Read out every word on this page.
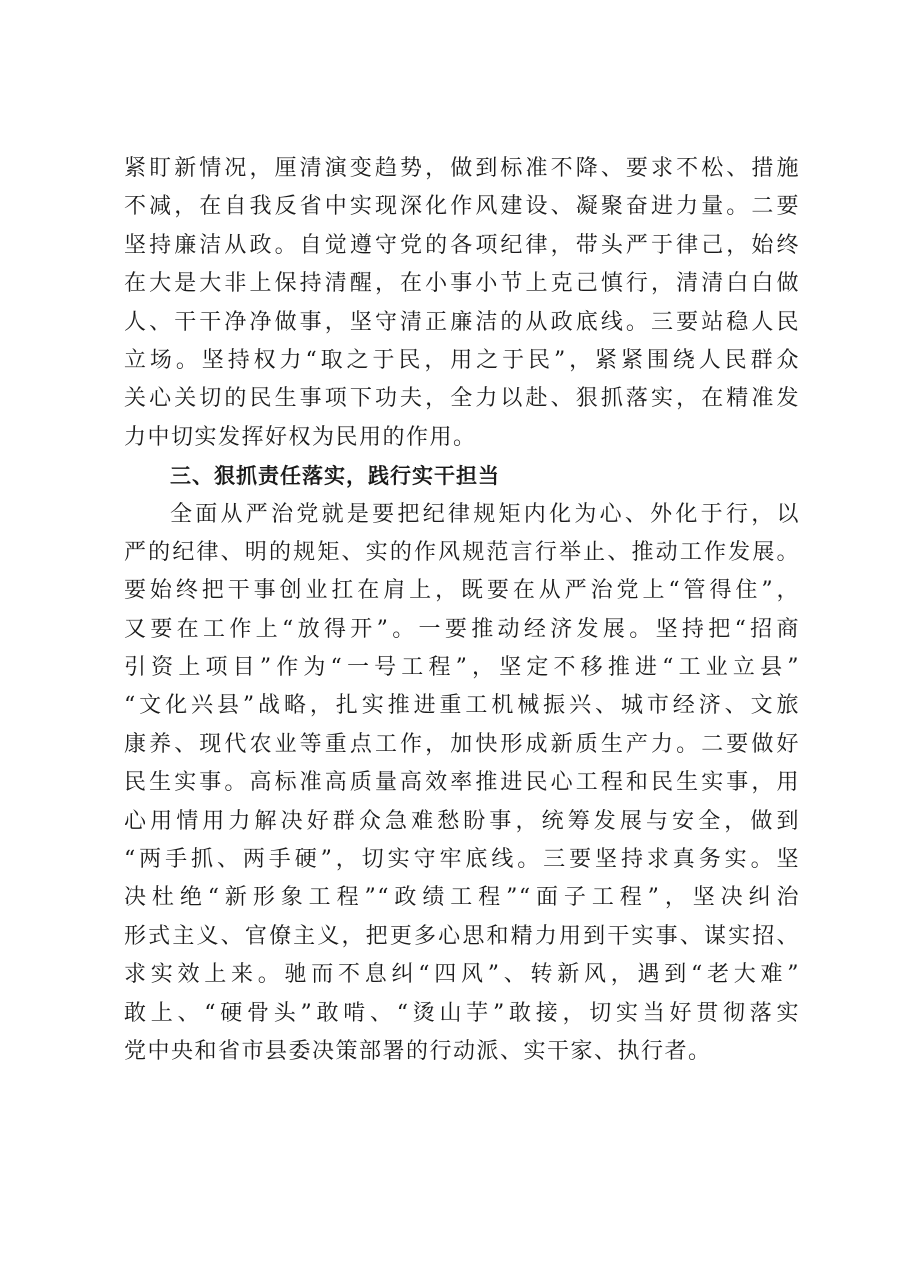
紧盯新情况，厘清演变趋势，做到标准不降、要求不松、措施
不减，在自我反省中实现深化作风建设、凝聚奋进力量。二要
坚持廉洁从政。自觉遵守党的各项纪律，带头严于律己，始终
在大是大非上保持清醒，在小事小节上克己慎行，清清白白做
人、干干净净做事，坚守清正廉洁的从政底线。三要站稳人民
立场。坚持权力“取之于民，用之于民”，紧紧围绕人民群众
关心关切的民生事项下功夫，全力以赴、狠抓落实，在精准发
力中切实发挥好权为民用的作用。
三、狠抓责任落实，践行实干担当
全面从严治党就是要把纪律规矩内化为心、外化于行，以
严的纪律、明的规矩、实的作风规范言行举止、推动工作发展。
要始终把干事创业扛在肩上，既要在从严治党上“管得住”，
又要在工作上“放得开”。一要推动经济发展。坚持把“招商
引资上项目”作为“一号工程”，坚定不移推进“工业立县”
“文化兴县”战略，扎实推进重工机械振兴、城市经济、文旅
康养、现代农业等重点工作，加快形成新质生产力。二要做好
民生实事。高标准高质量高效率推进民心工程和民生实事，用
心用情用力解决好群众急难愁盼事，统筹发展与安全，做到
“两手抓、两手硬”，切实守牢底线。三要坚持求真务实。坚
决杜绝“新形象工程”“政绩工程”“面子工程”，坚决纠治
形式主义、官僚主义，把更多心思和精力用到干实事、谋实招、
求实效上来。驰而不息纠“四风”、转新风，遇到“老大难”
敢上、“硬骨头”敢啃、“烫山芋”敢接，切实当好贯彻落实
党中央和省市县委决策部署的行动派、实干家、执行者。
